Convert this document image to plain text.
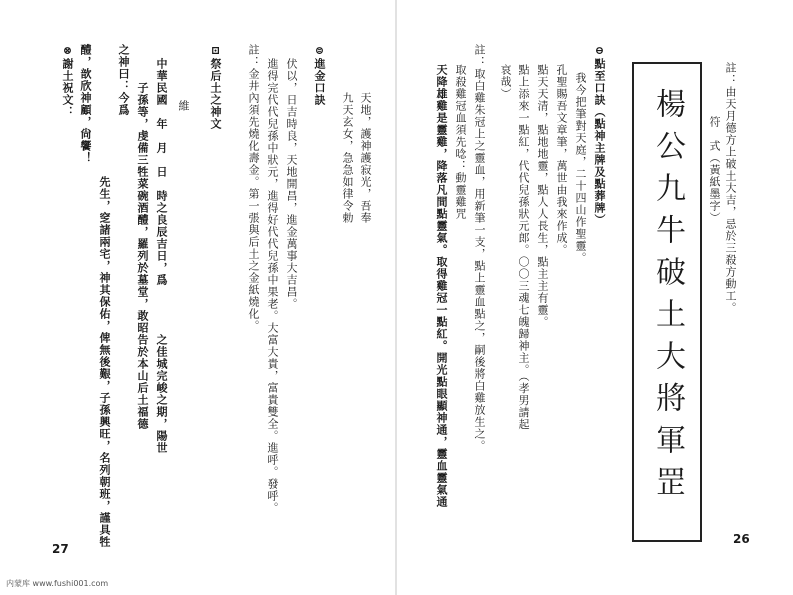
楊公九牛破土大將軍罡	註：由天月德方上破土大吉，忌於三殺方動工。
符　式（黃紙墨字）
⊖點至口訣（點神主牌及點葬牌）
我今把筆對天庭，二十四山作聖靈。
孔聖賜吾文章筆，萬世由我來作成。
點天天清，點地地靈，點人人長生，點主主有靈。
點上添來一點紅，代代兒孫狀元郎。〇〇三魂七魄歸神主。（孝男請起
哀哉）
註：取白雞朱冠上之靈血，用新筆一支，點上靈血點之，嗣後將白雞放生之。
取殺雞冠血須先唸：動靈雞咒
天降雄雞是靈雞，降落凡間點靈氣。取得雞冠一點紅。開光點眼顯神通，靈血靈氣通
26
天地，護神護寂光，吾奉
九天玄女，急急如律令勅
⊜進金口訣
伏以，日吉時良，天地開昌，進金萬事大吉昌。
進得完代代兒孫中狀元，進得好代代兒孫中果老。大富大貴，富貴雙全。進呼。發呼。
註：金井內須先燒化壽金。第一張與后土之金紙燒化。
⊡祭后土之神文
維
中華民國　年　月　日　時之良辰吉日，爲　　　　之佳城完峻之期，陽世
　　子孫等，虔備三牲菜碗酒醴，羅列於墓堂，敢昭告於本山后土福德
之神曰：今爲
先生，窆諸兩宅，神其保佑，俾無後艱，子孫興旺，名列朝班，謹具牲
醴，歆欣神顧，尙饗！
⊗謝土祝文：
27
内蒙库 www.fushi001.com
